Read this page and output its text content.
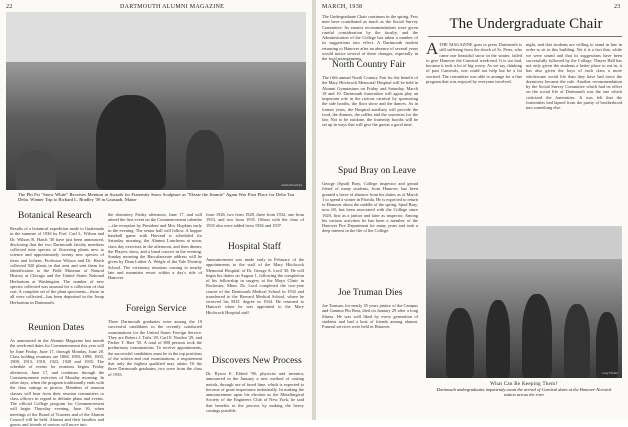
22	DARTMOUTH ALUMNI MAGAZINE
Adrian Bouchard
The Phi Psi "Snow White" Receives Mention in Awards for Fraternity Snow Sculpture as "Elezar the Jimmie" Again Was First Place for Delta Tau Delta. Winner Trip to Richard L. Bradley '39 in Gaustadt, Maine
Botanical Research
Results of a botanical expedition made to Guatemala in the summer of 1936 by Prof. Carl L. Wilson and Dr. Wilson R. Hatch '30 have just been announced, disclosing that the two Dartmouth faculty members collected nine species of flowering plants new to science and approximately twenty new species of ferns and lichens. Professor Wilson and Dr. Hatch collected 920 plants in that area and sent them for identification to the Field Museum of Natural History at Chicago and the United States National Herbarium at Washington. The number of new species collected was unusual for a collection of that sort. A complete set of the plant specimens—those in all were collected—has been deposited in the Jesup Herbarium in Dartmouth.
Reunion Dates
As announced in the Alumni Magazine last month the week-end dates for Commencement this year will be June Friday, June 17, through Monday, June 20. Class holding reunions are 1868, 1893, 1898, 1903, 1908, 1913, 1918, 1923, 1928 and 1935. The schedule of events for reunions begins Friday afternoon, June 17, and continues through the Commencement exercises of Monday morning. In other days, when the program traditionally ends with the class outings or picnics. Members of reunion classes will hear from their reunion committees or class officers in regard to definite plans and events. The official College program for Commencement will begin Thursday evening, June 16, when meetings of the Board of Trustees and of the Alumni Council will be held. Alumni and their families and guests and friends of seniors will move into
the dormitory Friday afternoon, June 17, and will attend the first event on the Commencement calendar—the reception by President and Mrs. Hopkins early in the evening. The senior ball will follow. A hopper baseball game with Harvard is scheduled for Saturday morning, the Alumni Luncheon at noon, class day exercises in the afternoon, and then dinner, the Players show, and a band concert in the evening. Sunday morning the Baccalaureate address will be given by Dean Luther A. Weigle of the Yale Divinity School. The ceremony reunions coming to nearby late and mountain resort within a day's ride of Hanover.
Foreign Service
Three Dartmouth graduates were among the 19 successful candidates in the recently conducted examinations for the United States Foreign Service. They are Robert J. Tufts '29, Carl F. Norden '29, and Parker T. Hart '35. A total of 800 persons took the preliminary examinations. To receive appointments, the successful candidates must be in the top positions of the written and oral examinations, a requirement that only the highest qualified may attain. Of the three Dartmouth graduates, two were from the class of 1935.
from 1926, two from 1928, three from 1932, one from 1933, and two from 1935. Others with the class of 1935 also were added from 1936 and 1937.
Hospital Staff
Announcement was made early in February of the appointments to the staff of the Mary Hitchcock Memorial Hospital, of Dr. George A. Lord '30. He will begin his duties on August 1, following the completion of his fellowship in surgery at the Mayo Clinic in Rochester, Minn. Dr. Lord completed the two-year course of the Dartmouth Medical School in 1932 and transferred to the Harvard Medical School, where he received his M.D. degree in 1934. He returned to Hanover when he was appointed to the Mary Hitchcock Hospital staff.
Discovers New Process
Dr. Byron E. Eldred '96, physicist and inventor, announced in the January a new method of casting metals, through use of fused lime, which is expected to become of great importance industrially. In making the announcement upon his election as the Metallurgical Society of the Engineers Club of New York, he said that benefits in the process by making the heavy castings possible.
MARCH, 1938	23
The Undergraduate Chair continues in the spring. Few men have contributed as much as the Social Survey Committee. Its earnest recommendations were given careful consideration by the faculty, and the Administration of the College has taken a number of its suggestions into effect. A Dartmouth student returning to Hanover after an absence of several years would notice several of these changes, especially in the food arrangements.
North Country Fair
The fifth annual North Country Fair for the benefit of the Mary Hitchcock Memorial Hospital will be held in Alumni Gymnasium on Friday and Saturday, March 18 and 19. Dartmouth fraternities will again play an important role in the riotous carnival by sponsoring the side booths, the floor show and the dances. As in former years, the Hospital auxiliary will provide the food, the dinners, the raffles and the souvenirs for the fair. Not to be outdone, the fraternity booths will be set up in ways that will give the guests a good time.
Spud Bray on Leave
George (Spud) Bray, College inspector and genial friend of many students, from Hanover, has been granted a leave of absence from his duties as of March 1 to spend a winter in Florida. He is expected to return to Hanover about the middle of the spring. Spud Bray, now 69, has been associated with the College since 1920, first as a janitor and later as inspector. Among his various activities he has been a member of the Hanover Fire Department for many years and took a deep interest in the life of the College.
Joe Truman Dies
Joe Truman, for nearly 35 years janitor of the Campus and Gamma Phi Beta, died on January 29 after a long illness. He was well liked by every generation of students and had a host of friends among alumni. Funeral services were held in Hanover.
The Undergraduate Chair
ATHE MAGAZINE goes to press Dartmouth is still suffering from the shock of Sr. Peter, who came one beautiful snow in the winter, failed to give Hanover the Carnival week-end. It is too bad, because it took a lot of big worry. As we say, thinking of past Carnivals, one could not help but be a bit worried. The committee was able to arrange for a fine program that was enjoyed by everyone involved.
night, and that students are willing to stand in line in order to sit in this building. Yet it is a fact that, while we were sound and that its suggestions have been successfully followed by the College, Thayer Hall has not only given the students a better place to eat in, it has also given the boys of each class a more wholesome social life than they have had since the dormitory became the rule. Another recommendation by the Social Survey Committee which had its effect on the social life of Dartmouth was the one which criticized the fraternities. It was felt that the fraternities had lapsed from the purity of brotherhood into something else.
Gray Fischer
What Can Be Keeping Them?
Dartmouth undergraduates impatiently await the arrival of Carnival dates at the Hanover-Norwich station across the river
